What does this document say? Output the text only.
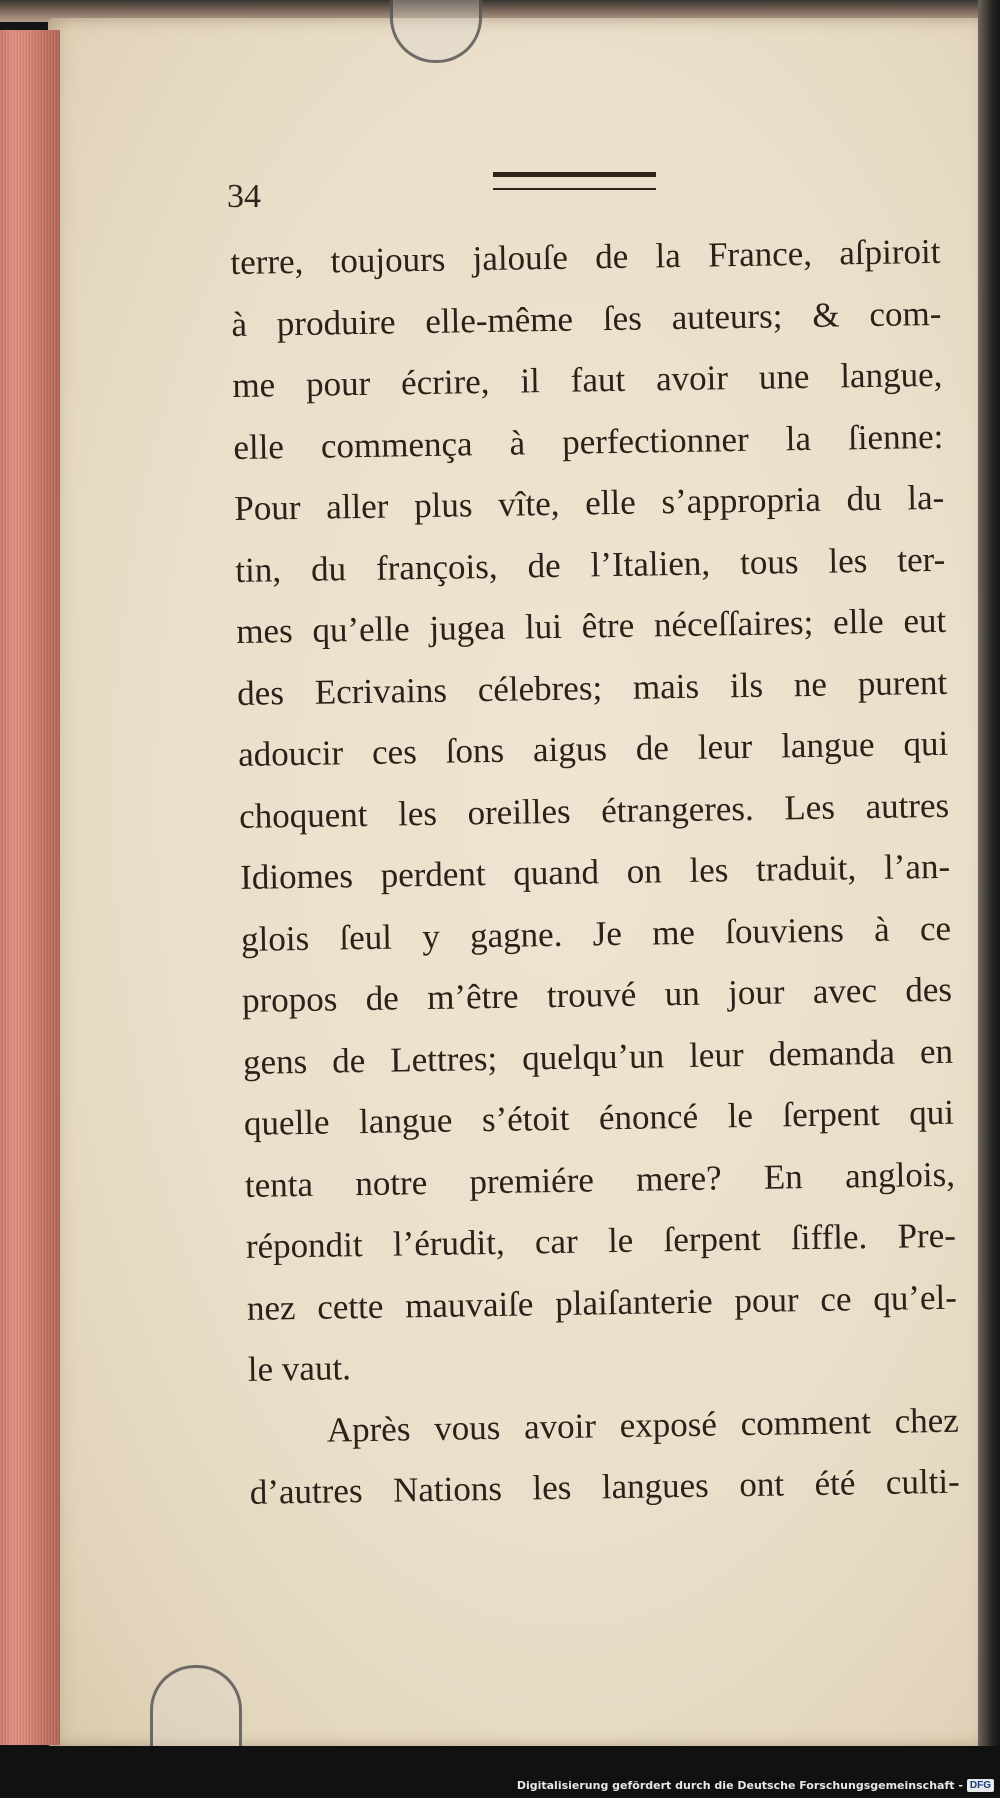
34
terre, toujours jalouſe de la France, aſpiroit
à produire elle-même ſes auteurs; & com-
me pour écrire, il faut avoir une langue,
elle commença à perfectionner la ſienne:
Pour aller plus vîte, elle s’appropria du la-
tin, du françois, de l’Italien, tous les ter-
mes qu’elle jugea lui être néceſſaires; elle eut
des Ecrivains célebres; mais ils ne purent
adoucir ces ſons aigus de leur langue qui
choquent les oreilles étrangeres. Les autres
Idiomes perdent quand on les traduit, l’an-
glois ſeul y gagne. Je me ſouviens à ce
propos de m’être trouvé un jour avec des
gens de Lettres; quelqu’un leur demanda en
quelle langue s’étoit énoncé le ſerpent qui
tenta notre premiére mere? En anglois,
répondit l’érudit, car le ſerpent ſiffle. Pre-
nez cette mauvaiſe plaiſanterie pour ce qu’el-
le vaut.
Après vous avoir exposé comment chez
d’autres Nations les langues ont été culti-
Digitalisierung gefördert durch die Deutsche Forschungsgemeinschaft - DFG
